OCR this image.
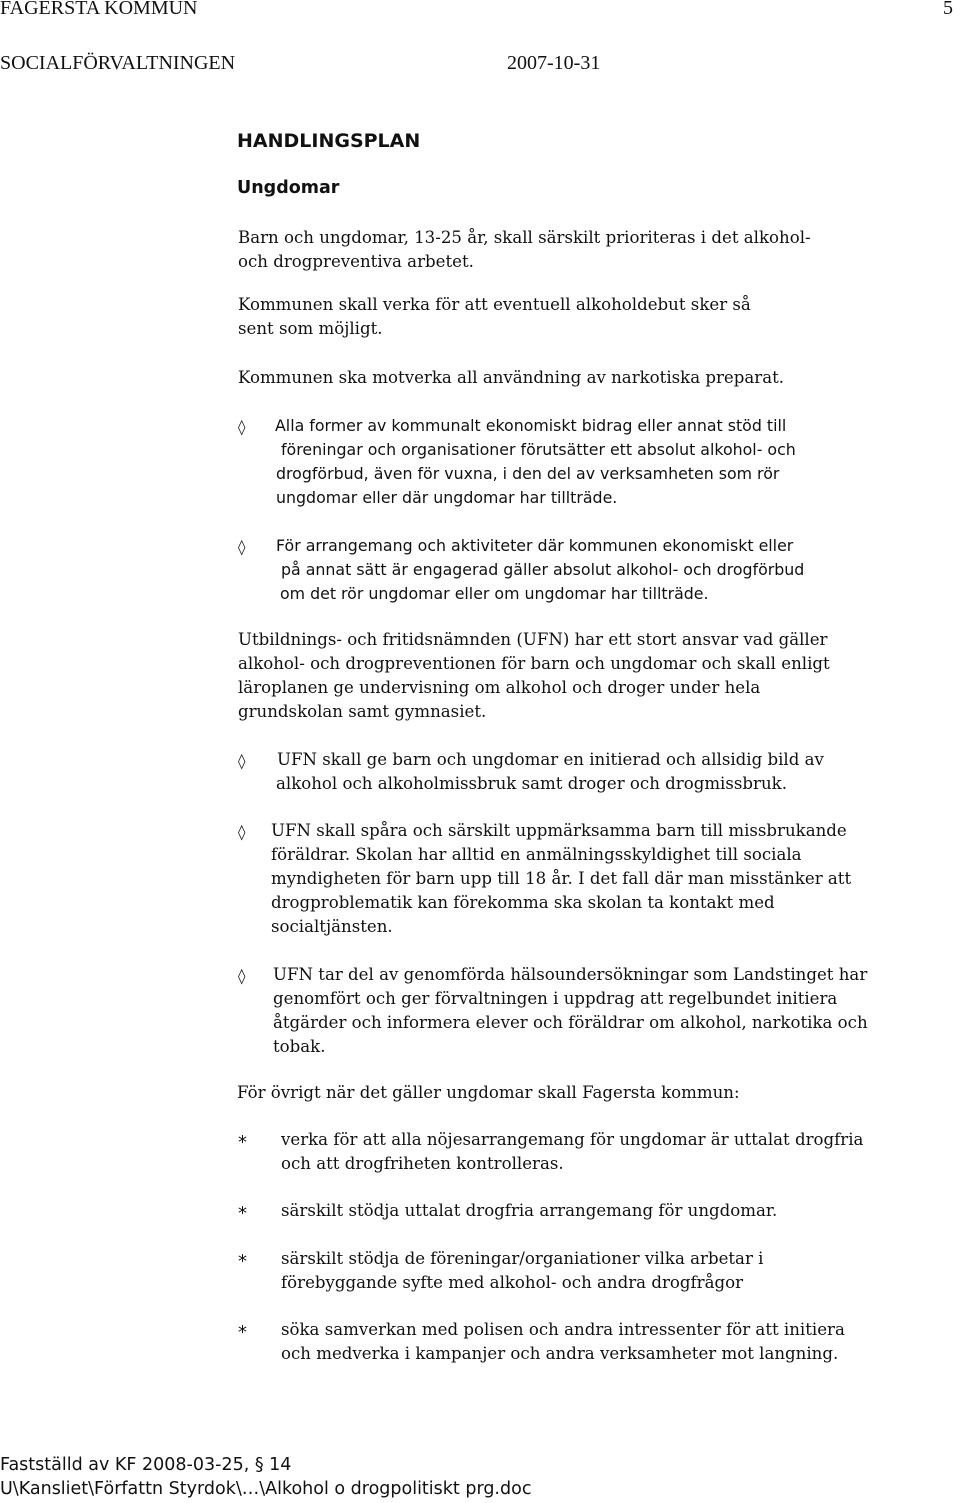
FAGERSTA KOMMUN	5
SOCIALFÖRVALTNINGEN	2007-10-31
HANDLINGSPLAN
Ungdomar
Barn och ungdomar, 13-25 år, skall särskilt prioriteras i det alkohol-
och drogpreventiva arbetet.
Kommunen skall verka för att eventuell alkoholdebut sker så
sent som möjligt.
Kommunen ska motverka all användning av narkotiska preparat.
◊ Alla former av kommunalt ekonomiskt bidrag eller annat stöd till
föreningar och organisationer förutsätter ett absolut alkohol- och
drogförbud, även för vuxna, i den del av verksamheten som rör
ungdomar eller där ungdomar har tillträde.
◊ För arrangemang och aktiviteter där kommunen ekonomiskt eller
på annat sätt är engagerad gäller absolut alkohol- och drogförbud
om det rör ungdomar eller om ungdomar har tillträde.
Utbildnings- och fritidsnämnden (UFN) har ett stort ansvar vad gäller
alkohol- och drogpreventionen för barn och ungdomar och skall enligt
läroplanen ge undervisning om alkohol och droger under hela
grundskolan samt gymnasiet.
◊ UFN skall ge barn och ungdomar en initierad och allsidig bild av
alkohol och alkoholmissbruk samt droger och drogmissbruk.
◊ UFN skall spåra och särskilt uppmärksamma barn till missbrukande
föräldrar. Skolan har alltid en anmälningsskyldighet till sociala
myndigheten för barn upp till 18 år. I det fall där man misstänker att
drogproblematik kan förekomma ska skolan ta kontakt med
socialtjänsten.
◊ UFN tar del av genomförda hälsoundersökningar som Landstinget har
genomfört och ger förvaltningen i uppdrag att regelbundet initiera
åtgärder och informera elever och föräldrar om alkohol, narkotika och
tobak.
För övrigt när det gäller ungdomar skall Fagersta kommun:
* verka för att alla nöjesarrangemang för ungdomar är uttalat drogfria
och att drogfriheten kontrolleras.
* särskilt stödja uttalat drogfria arrangemang för ungdomar.
* särskilt stödja de föreningar/organiationer vilka arbetar i
förebyggande syfte med alkohol- och andra drogfrågor
* söka samverkan med polisen och andra intressenter för att initiera
och medverka i kampanjer och andra verksamheter mot langning.
Fastställd av KF 2008-03-25, § 14
U\Kansliet\Författn Styrdok\…\Alkohol o drogpolitiskt prg.doc
